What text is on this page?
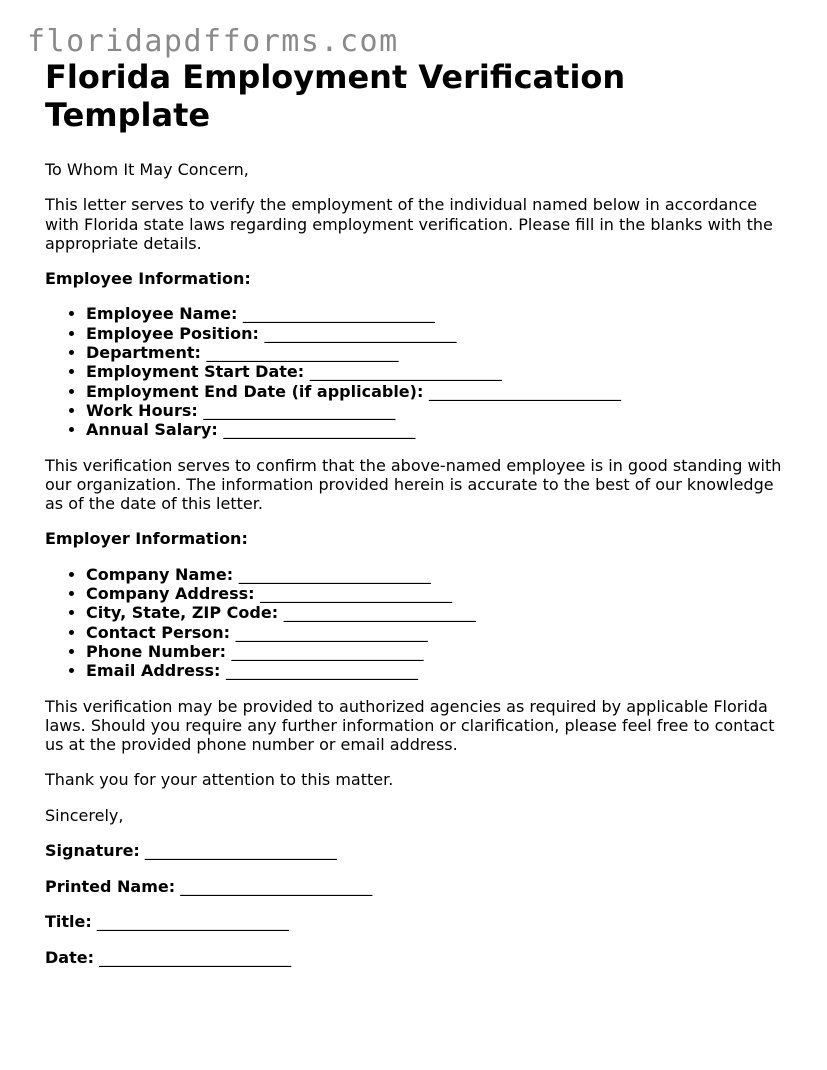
floridapdfforms.com
Florida Employment Verification Template

To Whom It May Concern,

This letter serves to verify the employment of the individual named below in accordance with Florida state laws regarding employment verification. Please fill in the blanks with the appropriate details.

Employee Information:

• Employee Name: ________________________
• Employee Position: ________________________
• Department: ________________________
• Employment Start Date: ________________________
• Employment End Date (if applicable): ________________________
• Work Hours: ________________________
• Annual Salary: ________________________

This verification serves to confirm that the above-named employee is in good standing with our organization. The information provided herein is accurate to the best of our knowledge as of the date of this letter.

Employer Information:

• Company Name: ________________________
• Company Address: ________________________
• City, State, ZIP Code: ________________________
• Contact Person: ________________________
• Phone Number: ________________________
• Email Address: ________________________

This verification may be provided to authorized agencies as required by applicable Florida laws. Should you require any further information or clarification, please feel free to contact us at the provided phone number or email address.

Thank you for your attention to this matter.

Sincerely,

Signature: ________________________

Printed Name: ________________________

Title: ________________________

Date: ________________________
